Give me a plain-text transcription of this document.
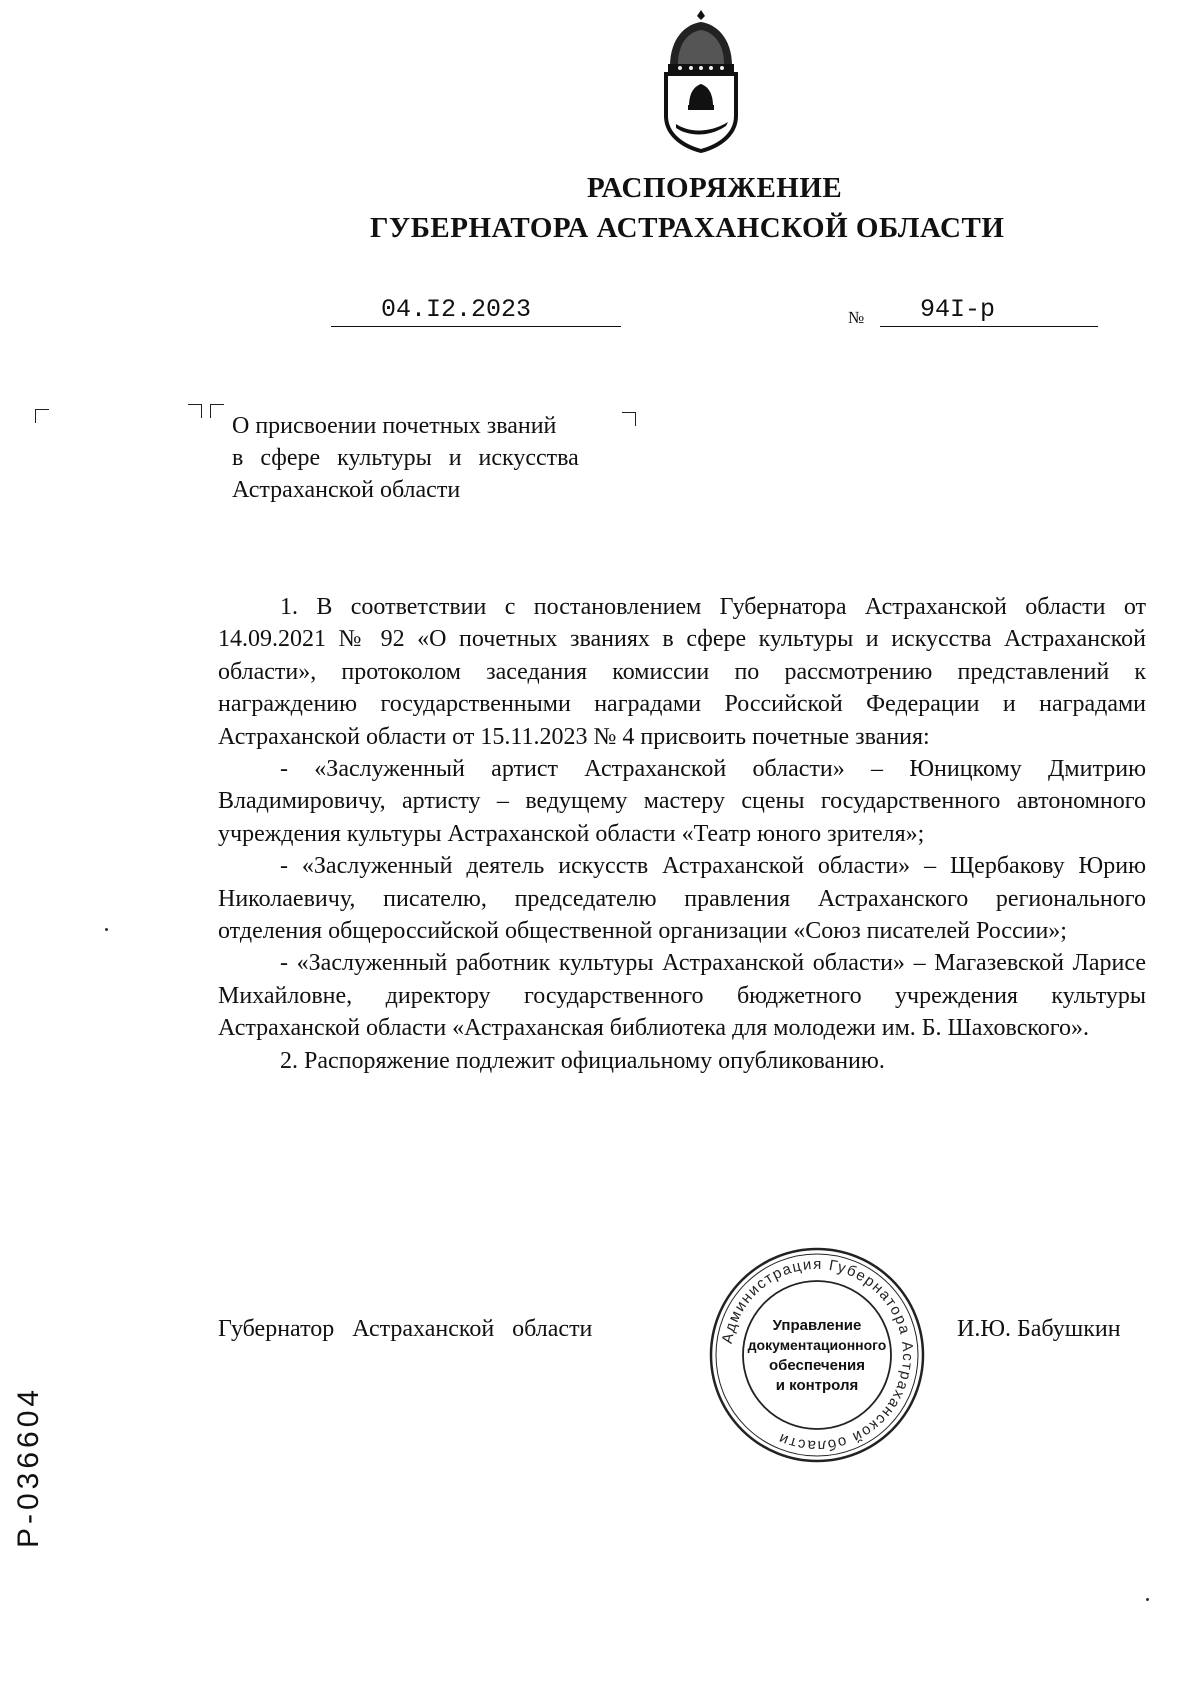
РАСПОРЯЖЕНИЕ
ГУБЕРНАТОРА АСТРАХАНСКОЙ ОБЛАСТИ
04.I2.2023	№ 94I-р
О присвоении почетных званий
в сфере культуры и искусства
Астраханской области
1. В соответствии с постановлением Губернатора Астраханской области от 14.09.2021 № 92 «О почетных званиях в сфере культуры и искусства Астраханской области», протоколом заседания комиссии по рассмотрению представлений к награждению государственными наградами Российской Федерации и наградами Астраханской области от 15.11.2023 № 4 присвоить почетные звания:
- «Заслуженный артист Астраханской области» – Юницкому Дмитрию Владимировичу, артисту – ведущему мастеру сцены государственного автономного учреждения культуры Астраханской области «Театр юного зрителя»;
- «Заслуженный деятель искусств Астраханской области» – Щербакову Юрию Николаевичу, писателю, председателю правления Астраханского регионального отделения общероссийской общественной организации «Союз писателей России»;
- «Заслуженный работник культуры Астраханской области» – Магазевской Ларисе Михайловне, директору государственного бюджетного учреждения культуры Астраханской области «Астраханская библиотека для молодежи им. Б. Шаховского».
2. Распоряжение подлежит официальному опубликованию.
Губернатор Астраханской области	И.Ю. Бабушкин
Администрация Губернатора Астраханской области
Управление
документационного
обеспечения
и контроля
Р-036604
